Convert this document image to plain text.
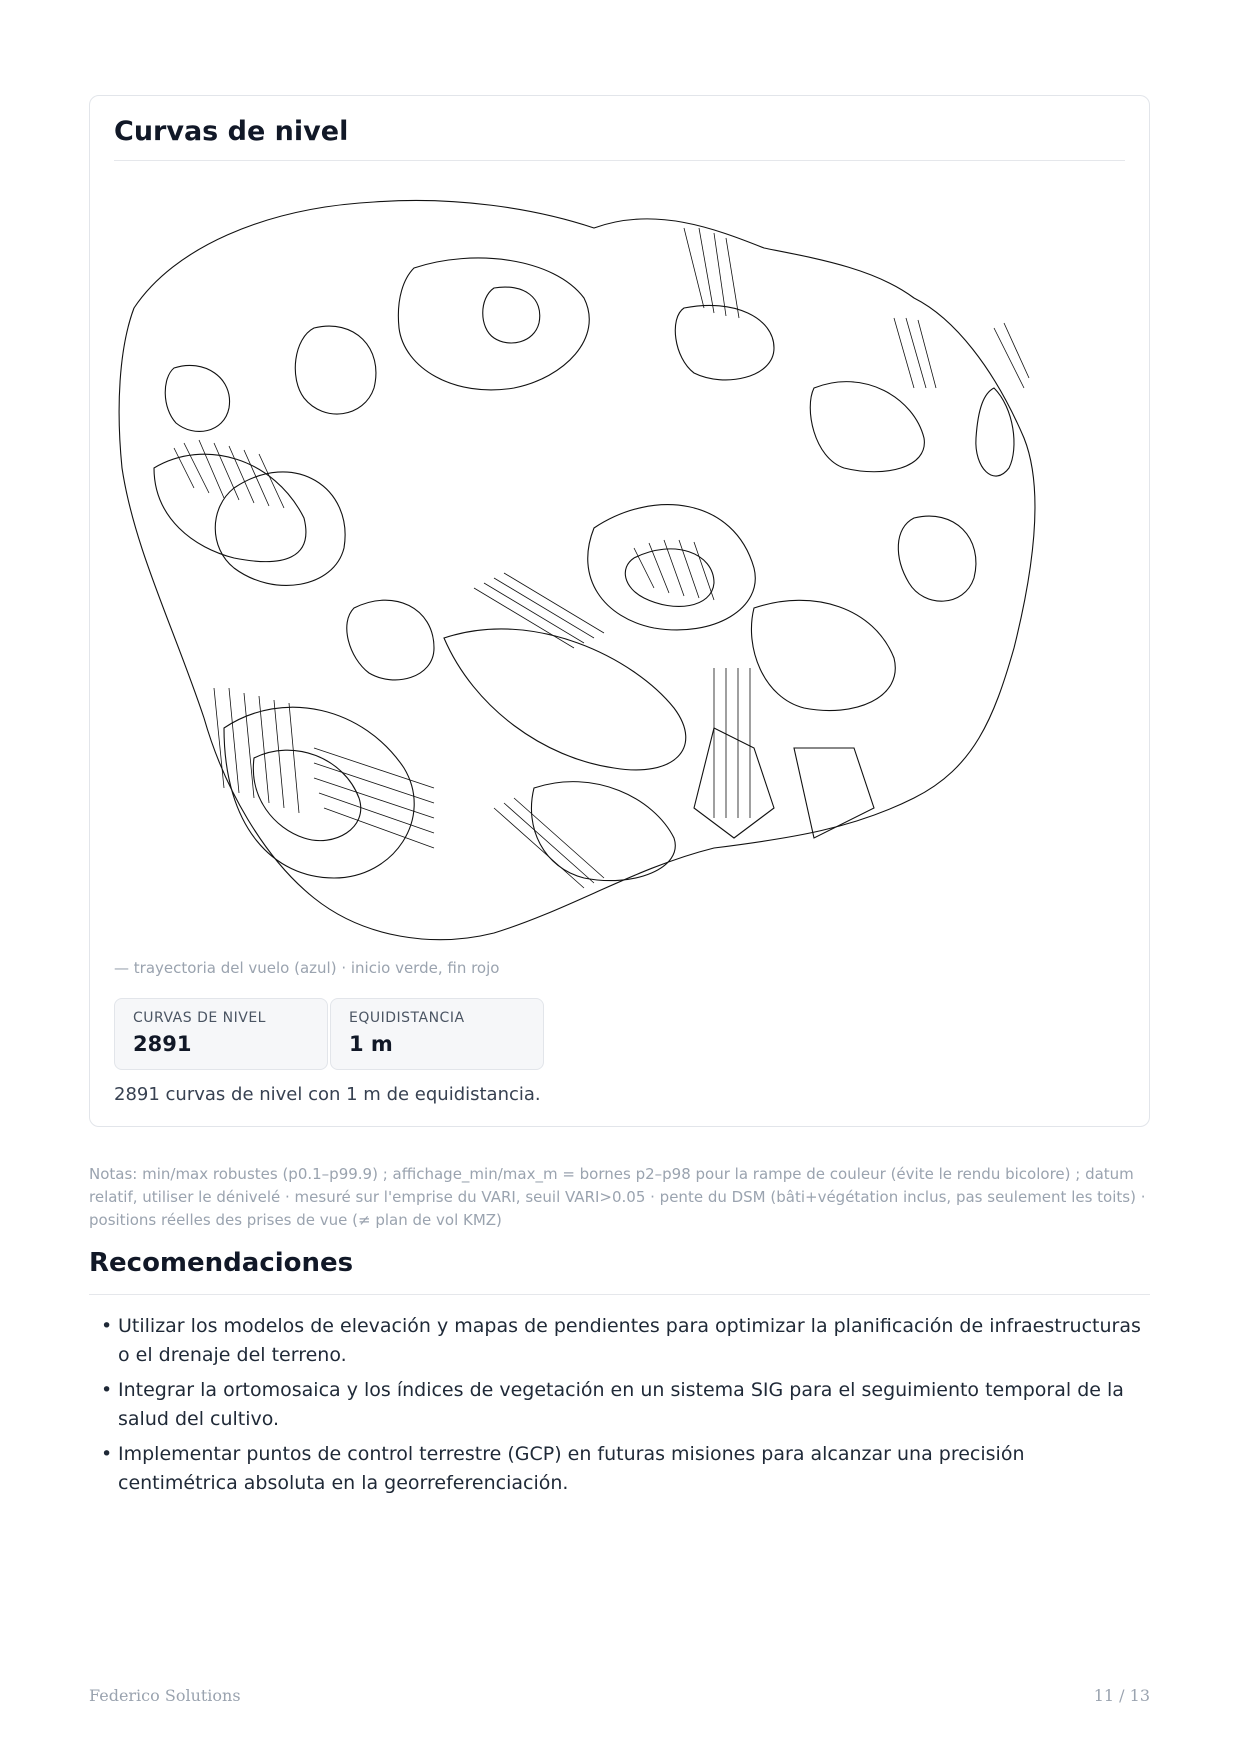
Curvas de nivel
— trayectoria del vuelo (azul) · inicio verde, fin rojo
CURVAS DE NIVEL
2891
EQUIDISTANCIA
1 m
2891 curvas de nivel con 1 m de equidistancia.
Notas: min/max robustes (p0.1–p99.9) ; affichage_min/max_m = bornes p2–p98 pour la rampe de couleur (évite le rendu bicolore) ; datum relatif, utiliser le dénivelé · mesuré sur l'emprise du VARI, seuil VARI>0.05 · pente du DSM (bâti+végétation inclus, pas seulement les toits) · positions réelles des prises de vue (≠ plan de vol KMZ)
Recomendaciones
• Utilizar los modelos de elevación y mapas de pendientes para optimizar la planificación de infraestructuras o el drenaje del terreno.
• Integrar la ortomosaica y los índices de vegetación en un sistema SIG para el seguimiento temporal de la salud del cultivo.
• Implementar puntos de control terrestre (GCP) en futuras misiones para alcanzar una precisión centimétrica absoluta en la georreferenciación.
Federico Solutions	11 / 13
